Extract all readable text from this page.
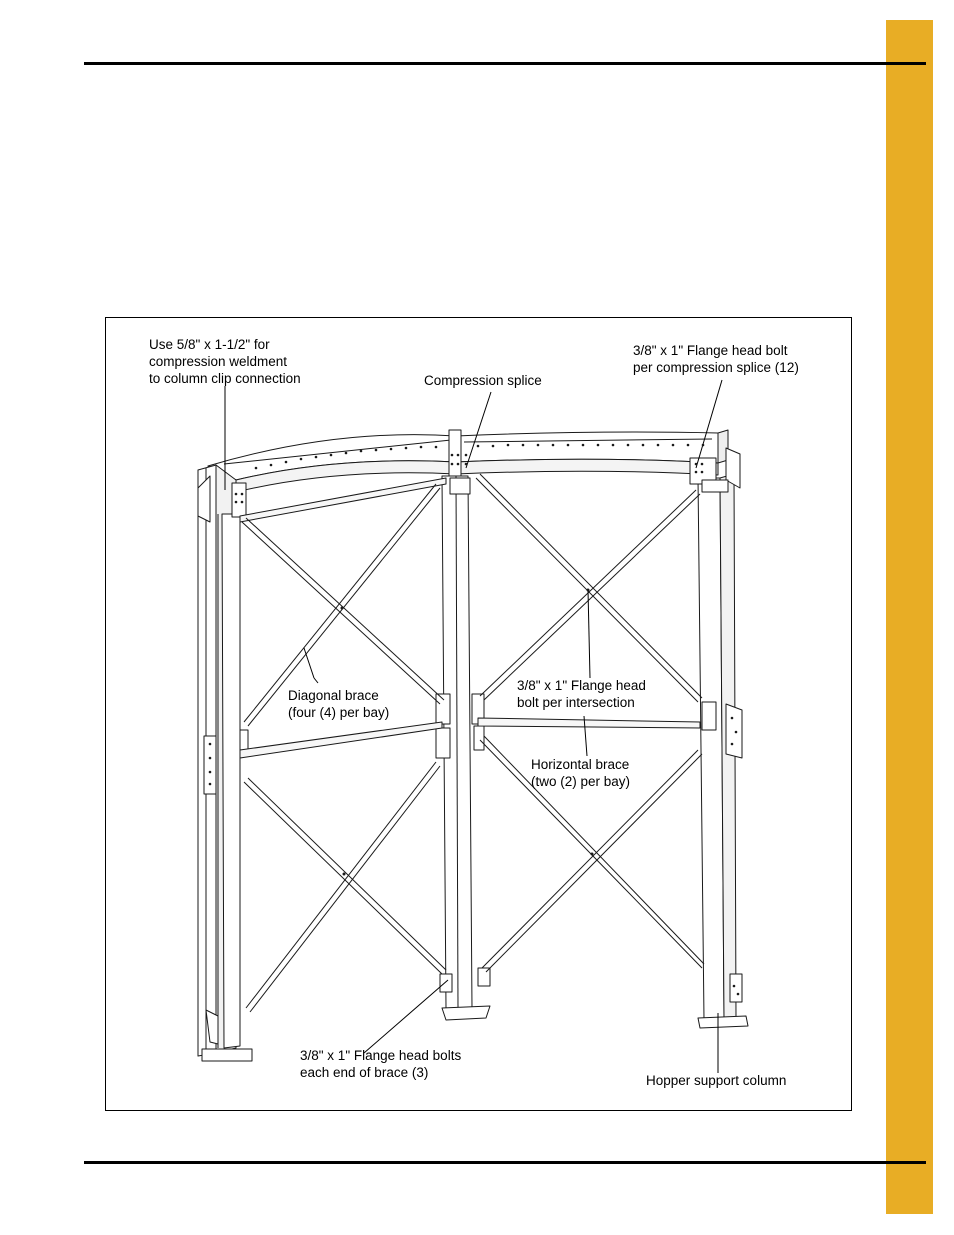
Use 5/8" x 1-1/2" for
compression weldment
to column clip connection	Compression splice
3/8" x 1" Flange head bolt
per compression splice (12)
Diagonal brace
(four (4) per bay)
3/8" x 1" Flange head
bolt per intersection
Horizontal brace
(two (2) per bay)
3/8" x 1" Flange head bolts
each end of brace (3)
Hopper support column
